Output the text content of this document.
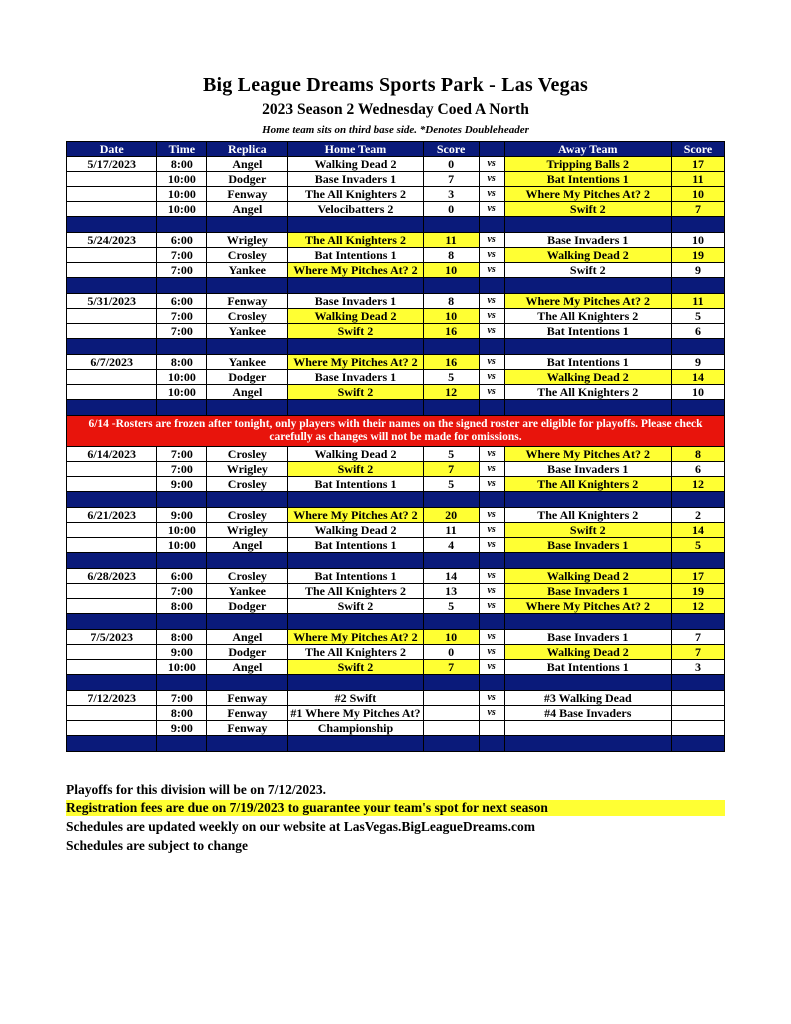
Big League Dreams Sports Park - Las Vegas
2023 Season 2 Wednesday Coed A North
Home team sits on third base side. *Denotes Doubleheader
Date	Time	Replica	Home Team	Score		Away Team	Score
5/17/2023	8:00	Angel	Walking Dead 2	0	vs	Tripping Balls 2	17
	10:00	Dodger	Base Invaders 1	7	vs	Bat Intentions 1	11
	10:00	Fenway	The All Knighters 2	3	vs	Where My Pitches At? 2	10
	10:00	Angel	Velocibatters 2	0	vs	Swift 2	7

5/24/2023	6:00	Wrigley	The All Knighters 2	11	vs	Base Invaders 1	10
	7:00	Crosley	Bat Intentions 1	8	vs	Walking Dead 2	19
	7:00	Yankee	Where My Pitches At? 2	10	vs	Swift 2	9

5/31/2023	6:00	Fenway	Base Invaders 1	8	vs	Where My Pitches At? 2	11
	7:00	Crosley	Walking Dead 2	10	vs	The All Knighters 2	5
	7:00	Yankee	Swift 2	16	vs	Bat Intentions 1	6

6/7/2023	8:00	Yankee	Where My Pitches At? 2	16	vs	Bat Intentions 1	9
	10:00	Dodger	Base Invaders 1	5	vs	Walking Dead 2	14
	10:00	Angel	Swift 2	12	vs	The All Knighters 2	10

6/14 -Rosters are frozen after tonight, only players with their names on the signed roster are eligible for playoffs. Please check carefully as changes will not be made for omissions.							
6/14/2023	7:00	Crosley	Walking Dead 2	5	vs	Where My Pitches At? 2	8
	7:00	Wrigley	Swift 2	7	vs	Base Invaders 1	6
	9:00	Crosley	Bat Intentions 1	5	vs	The All Knighters 2	12

6/21/2023	9:00	Crosley	Where My Pitches At? 2	20	vs	The All Knighters 2	2
	10:00	Wrigley	Walking Dead 2	11	vs	Swift 2	14
	10:00	Angel	Bat Intentions 1	4	vs	Base Invaders 1	5

6/28/2023	6:00	Crosley	Bat Intentions 1	14	vs	Walking Dead 2	17
	7:00	Yankee	The All Knighters 2	13	vs	Base Invaders 1	19
	8:00	Dodger	Swift 2	5	vs	Where My Pitches At? 2	12

7/5/2023	8:00	Angel	Where My Pitches At? 2	10	vs	Base Invaders 1	7
	9:00	Dodger	The All Knighters 2	0	vs	Walking Dead 2	7
	10:00	Angel	Swift 2	7	vs	Bat Intentions 1	3

7/12/2023	7:00	Fenway	#2 Swift		vs	#3 Walking Dead	
	8:00	Fenway	#1 Where My Pitches At?		vs	#4 Base Invaders	
	9:00	Fenway	Championship				

Playoffs for this division will be on 7/12/2023.
Registration fees are due on 7/19/2023 to guarantee your team's spot for next season
Schedules are updated weekly on our website at LasVegas.BigLeagueDreams.com
Schedules are subject to change
